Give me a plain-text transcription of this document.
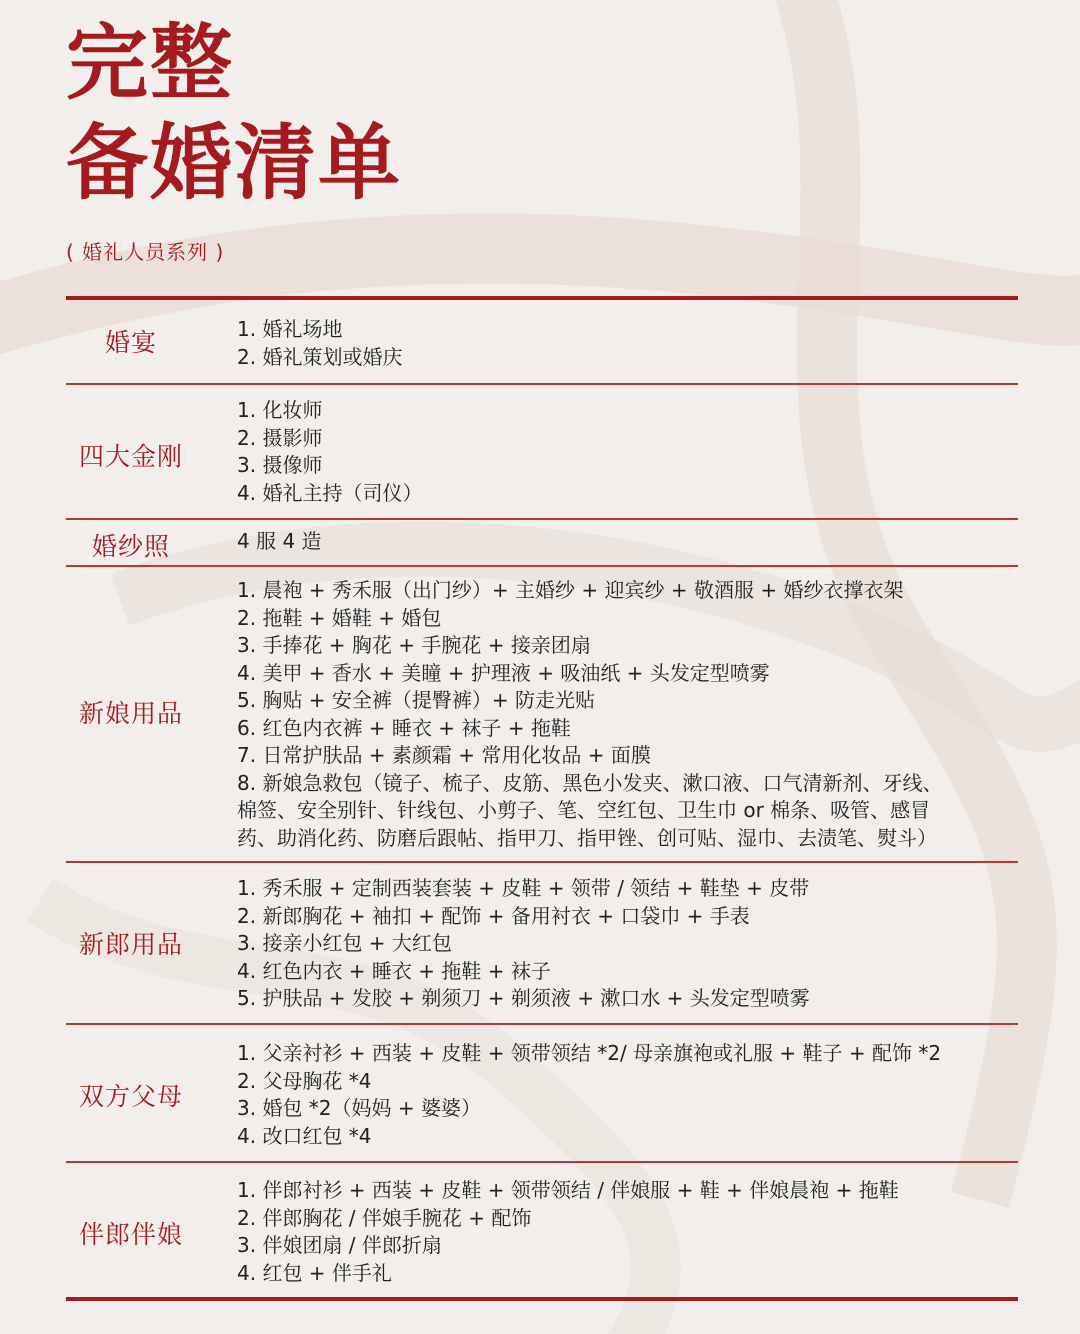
完整
备婚清单
( 婚礼人员系列 )
婚宴	1. 婚礼场地
2. 婚礼策划或婚庆
四大金刚
1. 化妆师
2. 摄影师
3. 摄像师
4. 婚礼主持（司仪）
婚纱照	4 服 4 造
新娘用品
1. 晨袍 + 秀禾服（出门纱）+ 主婚纱 + 迎宾纱 + 敬酒服 + 婚纱衣撑衣架
2. 拖鞋 + 婚鞋 + 婚包
3. 手捧花 + 胸花 + 手腕花 + 接亲团扇
4. 美甲 + 香水 + 美瞳 + 护理液 + 吸油纸 + 头发定型喷雾
5. 胸贴 + 安全裤（提臀裤）+ 防走光贴
6. 红色内衣裤 + 睡衣 + 袜子 + 拖鞋
7. 日常护肤品 + 素颜霜 + 常用化妆品 + 面膜
8. 新娘急救包（镜子、梳子、皮筋、黑色小发夹、漱口液、口气清新剂、牙线、
棉签、安全别针、针线包、小剪子、笔、空红包、卫生巾 or 棉条、吸管、感冒
药、助消化药、防磨后跟帖、指甲刀、指甲锉、创可贴、湿巾、去渍笔、熨斗）
新郎用品
1. 秀禾服 + 定制西装套装 + 皮鞋 + 领带 / 领结 + 鞋垫 + 皮带
2. 新郎胸花 + 袖扣 + 配饰 + 备用衬衣 + 口袋巾 + 手表
3. 接亲小红包 + 大红包
4. 红色内衣 + 睡衣 + 拖鞋 + 袜子
5. 护肤品 + 发胶 + 剃须刀 + 剃须液 + 漱口水 + 头发定型喷雾
双方父母
1. 父亲衬衫 + 西装 + 皮鞋 + 领带领结 *2/ 母亲旗袍或礼服 + 鞋子 + 配饰 *2
2. 父母胸花 *4
3. 婚包 *2（妈妈 + 婆婆）
4. 改口红包 *4
伴郎伴娘
1. 伴郎衬衫 + 西装 + 皮鞋 + 领带领结 / 伴娘服 + 鞋 + 伴娘晨袍 + 拖鞋
2. 伴郎胸花 / 伴娘手腕花 + 配饰
3. 伴娘团扇 / 伴郎折扇
4. 红包 + 伴手礼
